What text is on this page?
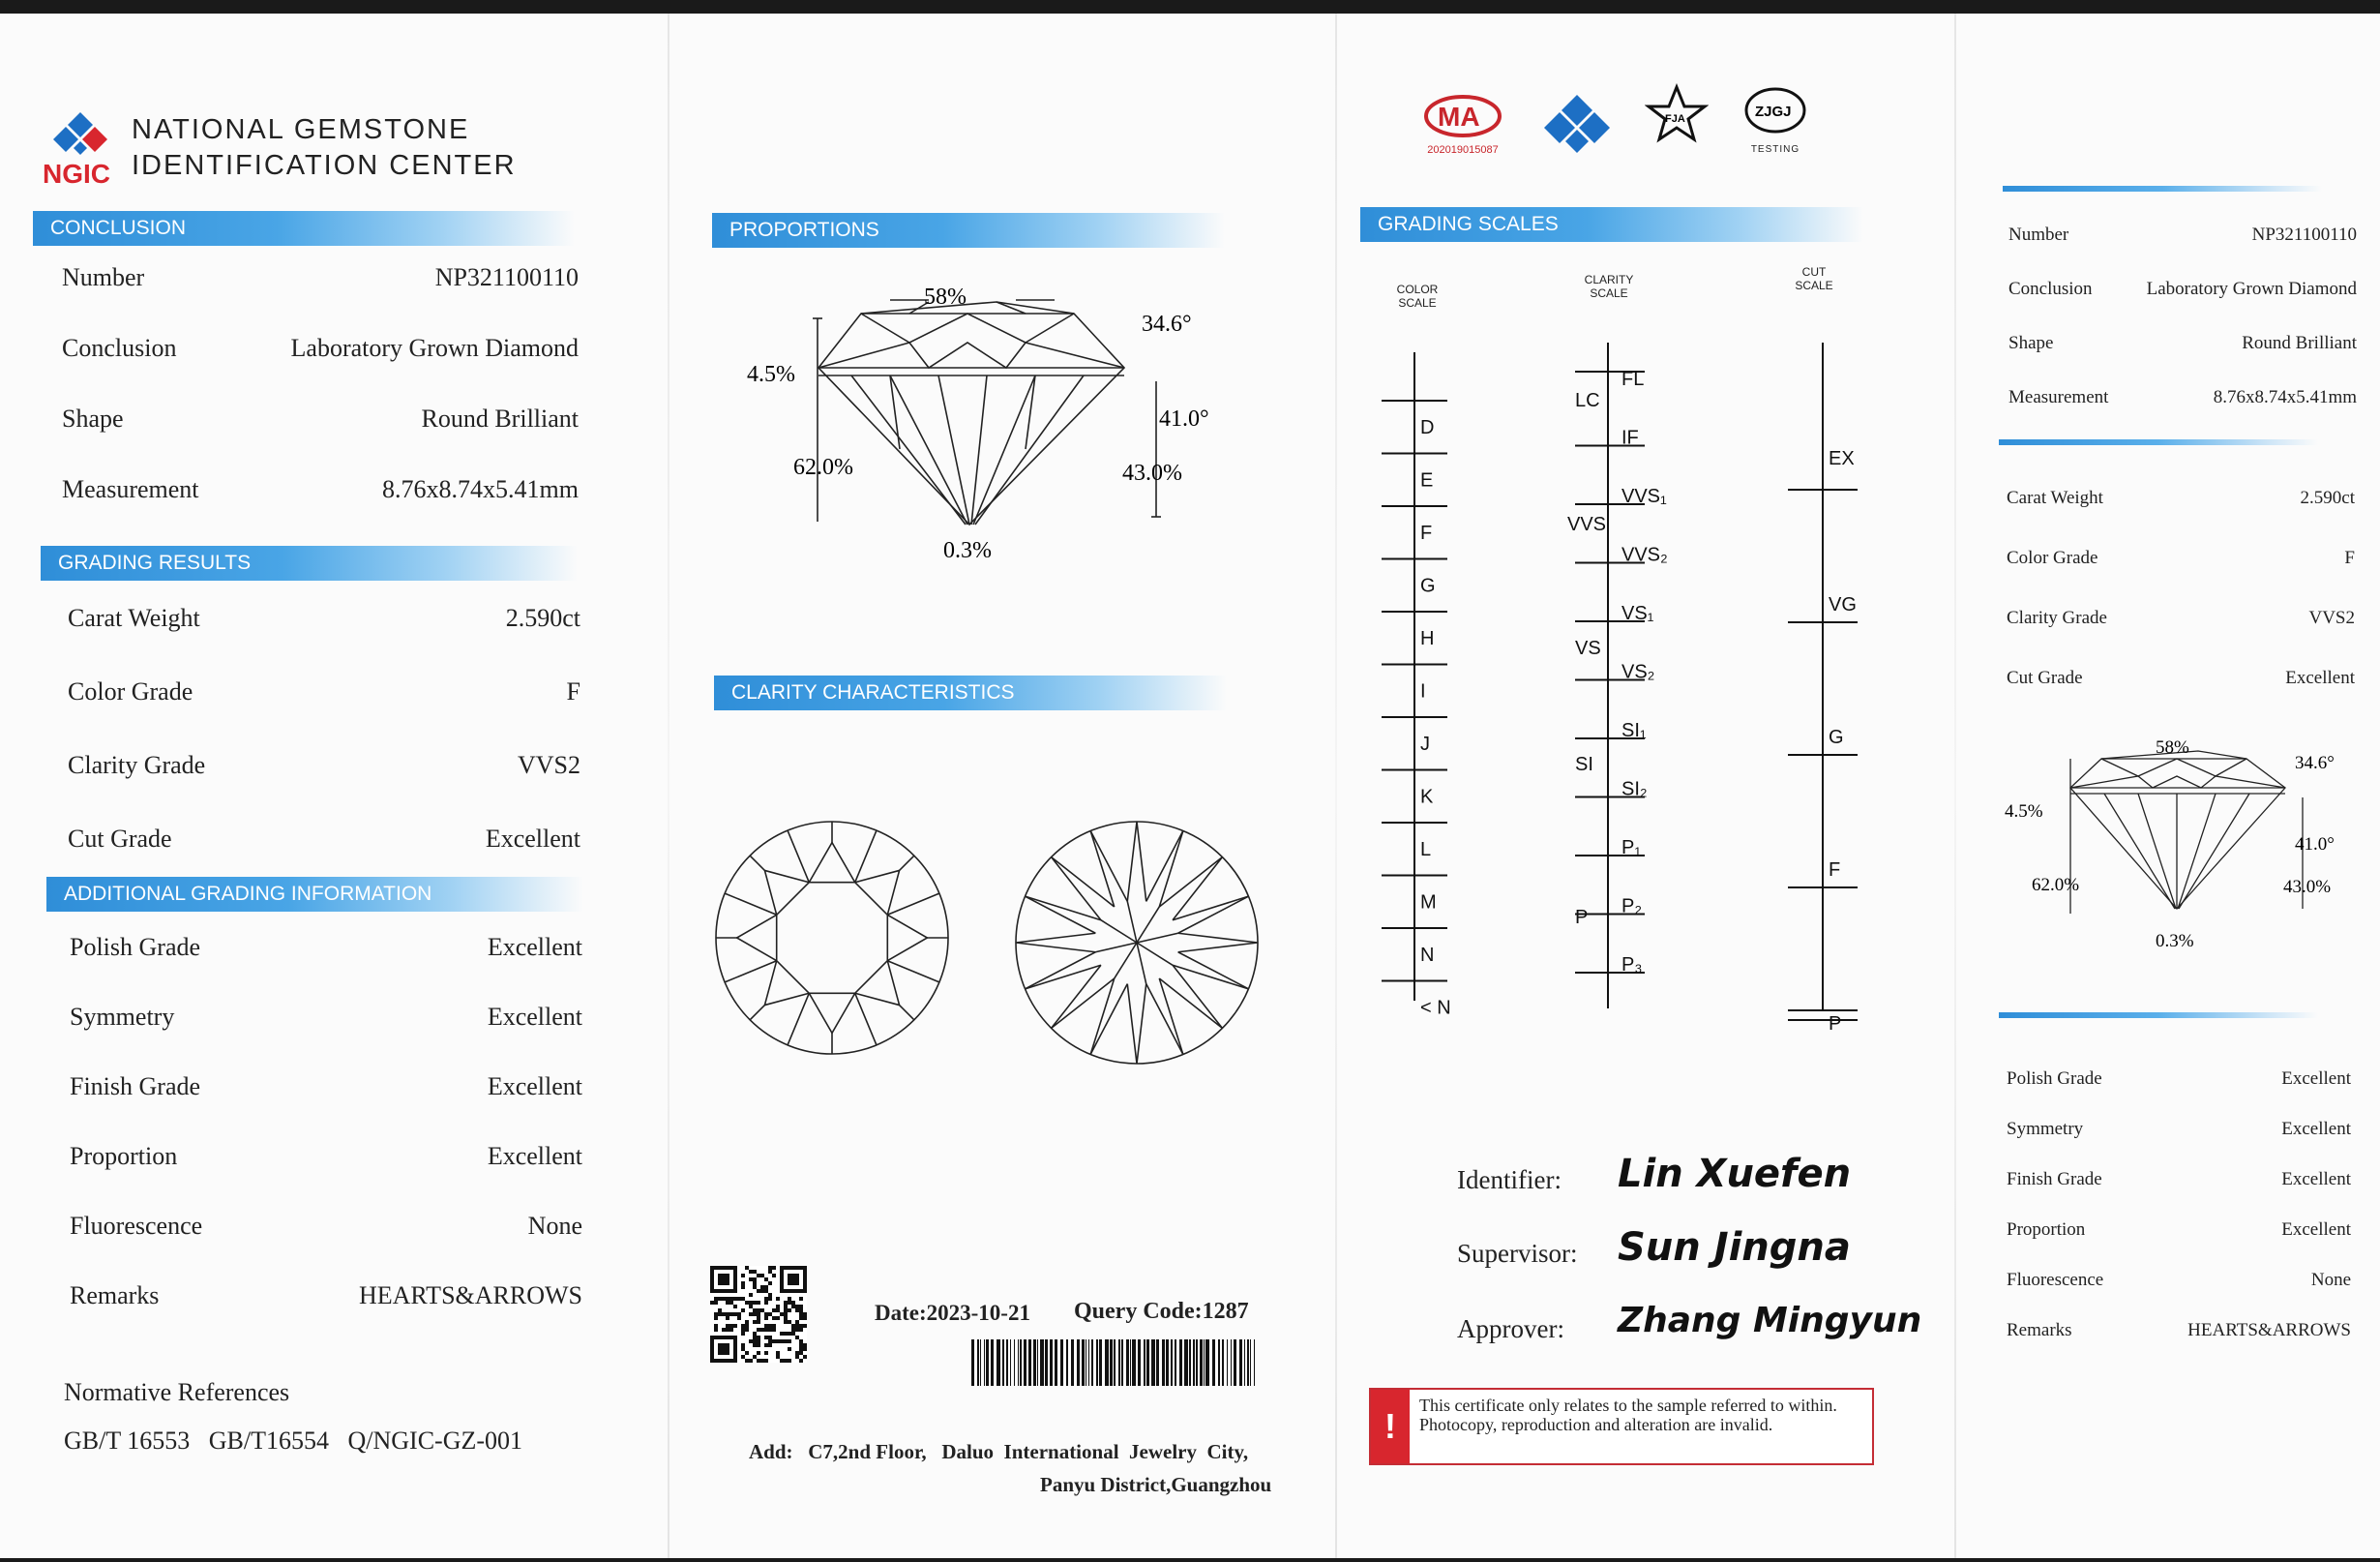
NGIC
NATIONAL GEMSTONE
IDENTIFICATION CENTER
CONCLUSION
Number	NP321100110
Conclusion	Laboratory Grown Diamond
Shape	Round Brilliant
Measurement	8.76x8.74x5.41mm
GRADING RESULTS
Carat Weight	2.590ct
Color Grade	F
Clarity Grade	VVS2
Cut Grade	Excellent
ADDITIONAL GRADING INFORMATION
Polish Grade	Excellent
Symmetry	Excellent
Finish Grade	Excellent
Proportion	Excellent
Fluorescence	None
Remarks	HEARTS&ARROWS
Normative References
GB/T 16553   GB/T16554   Q/NGIC-GZ-001
PROPORTIONS
58%
34.6°
4.5%
41.0°
62.0%	43.0%
0.3%
CLARITY CHARACTERISTICS
Date:2023-10-21 Query Code:1287
Add:   C7,2nd Floor,   Daluo  International  Jewelry  City,
Panyu District,Guangzhou
MA
202019015087
FJA	ZJGJ
TESTING
GRADING SCALES
COLOR SCALE
CLARITY SCALE
CUT SCALE
D
E
F
G
H
I
J
K
L
M
N
< N
FL
IF
VVS₁
VVS₂
VS₁
VS₂
SI₁
SI₂
P₁
P₂
P₃
LC
VVS
VS
SI
P
EX
VG
G
F
P
Identifier: Lin Xuefen
Supervisor: Sun Jingna
Approver: Zhang Mingyun
!
This certificate only relates to the sample referred to within. Photocopy, reproduction and alteration are invalid.
Number	NP321100110
Conclusion	Laboratory Grown Diamond
Shape	Round Brilliant
Measurement	8.76x8.74x5.41mm
Carat Weight	2.590ct
Color Grade	F
Clarity Grade	VVS2
Cut Grade	Excellent
58%
34.6°
4.5%
41.0°
62.0%	43.0%
0.3%
Polish Grade	Excellent
Symmetry	Excellent
Finish Grade	Excellent
Proportion	Excellent
Fluorescence	None
Remarks	HEARTS&ARROWS
